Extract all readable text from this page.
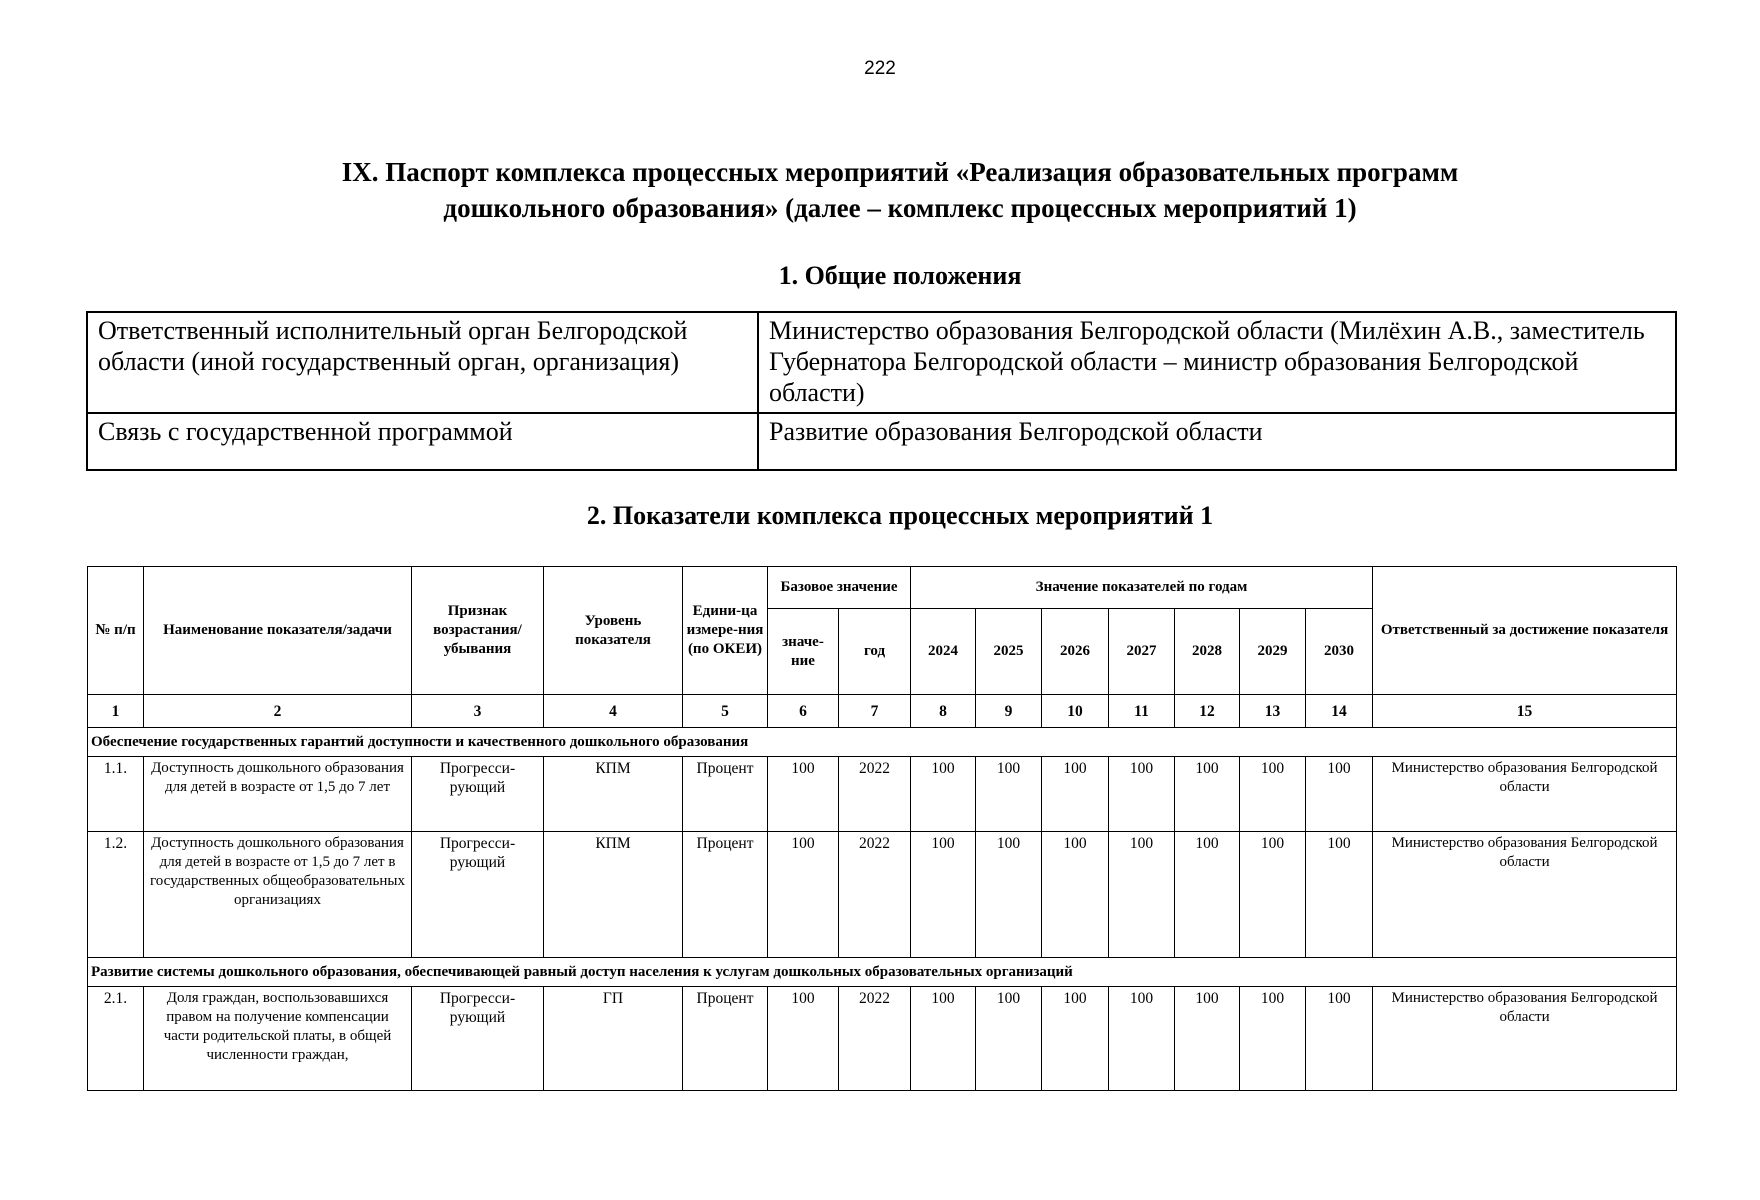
222
IX. Паспорт комплекса процессных мероприятий «Реализация образовательных программ
дошкольного образования» (далее – комплекс процессных мероприятий 1)
1. Общие положения
Ответственный исполнительный орган Белгородской области (иной государственный орган, организация)	Министерство образования Белгородской области (Милёхин А.В., заместитель Губернатора Белгородской области – министр образования Белгородской области)
Связь с государственной программой	Развитие образования Белгородской области
2. Показатели комплекса процессных мероприятий 1
№ п/п	Наименование показателя/задачи	Признак возрастания/ убывания	Уровень показателя	Едини-ца измере-ния (по ОКЕИ)	Базовое значение		Значение показателей по годам							Ответственный за достижение показателя
					значе-ние	год	2024	2025	2026	2027	2028	2029	2030	
1	2	3	4	5	6	7	8	9	10	11	12	13	14	15
Обеспечение государственных гарантий доступности и качественного дошкольного образования														
1.1.	Доступность дошкольного образования для детей в возрасте от 1,5 до 7 лет	Прогресси-рующий	КПМ	Процент	100	2022	100	100	100	100	100	100	100	Министерство образования Белгородской области
1.2.	Доступность дошкольного образования для детей в возрасте от 1,5 до 7 лет в государственных общеобразовательных организациях	Прогресси-рующий	КПМ	Процент	100	2022	100	100	100	100	100	100	100	Министерство образования Белгородской области
Развитие системы дошкольного образования, обеспечивающей равный доступ населения к услугам дошкольных образовательных организаций														
2.1.	Доля граждан, воспользовавшихся правом на получение компенсации части родительской платы, в общей численности граждан,	Прогресси-рующий	ГП	Процент	100	2022	100	100	100	100	100	100	100	Министерство образования Белгородской области
